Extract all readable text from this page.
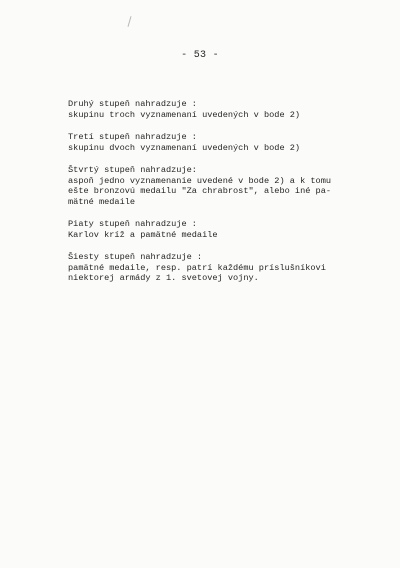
- 53 -
Druhý stupeň nahradzuje :
skupinu troch vyznamenaní uvedených v bode 2)
Tretí stupeň nahradzuje :
skupinu dvoch vyznamenaní uvedených v bode 2)
Štvrtý stupeň nahradzuje:
aspoň jedno vyznamenanie uvedené v bode 2) a k tomu
ešte bronzovú medailu "Za chrabrost", alebo iné pa-
mätné medaile
Piaty stupeň nahradzuje :
Karlov kríž a pamätné medaile
Šiesty stupeň nahradzuje :
pamätné medaile, resp. patrí každému príslušníkovi
niektorej armády z 1. svetovej vojny.
